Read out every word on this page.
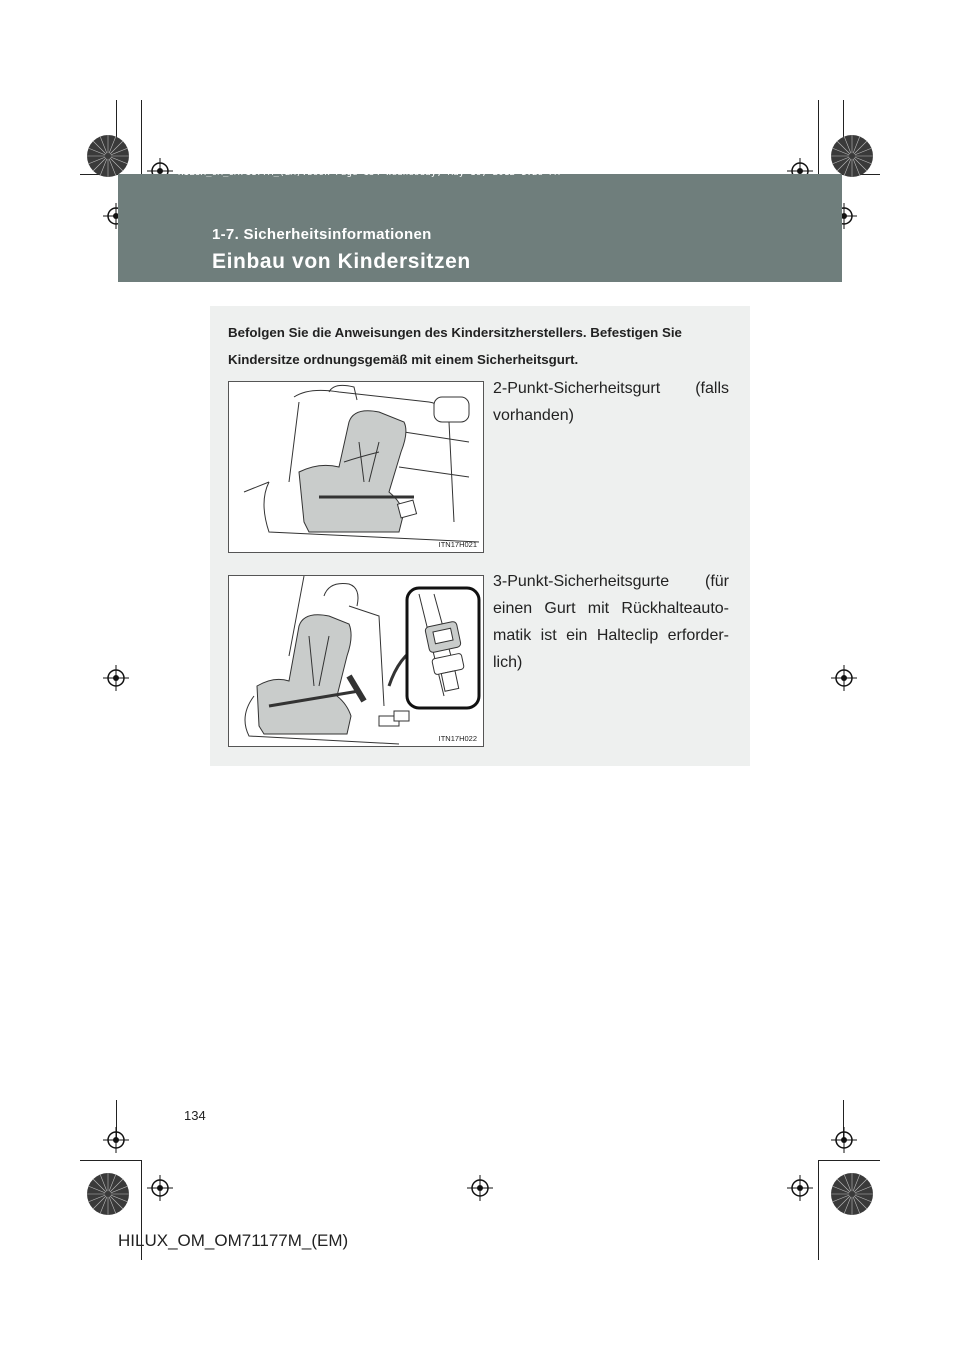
HILUX_OM_OM71177M_(EM).book Page 134 Wednesday, May 16, 2012 1:28 PM
1-7. Sicherheitsinformationen
Einbau von Kindersitzen
Befolgen Sie die Anweisungen des Kindersitzherstellers. Befestigen Sie Kindersitze ordnungsgemäß mit einem Sicherheitsgurt.
ITN17H021
2-Punkt-Sicherheitsgurt (falls vorhanden)
ITN17H022
3-Punkt-Sicherheitsgurte (für einen Gurt mit Rückhalteauto-matik ist ein Halteclip erforder-lich)
134
HILUX_OM_OM71177M_(EM)
